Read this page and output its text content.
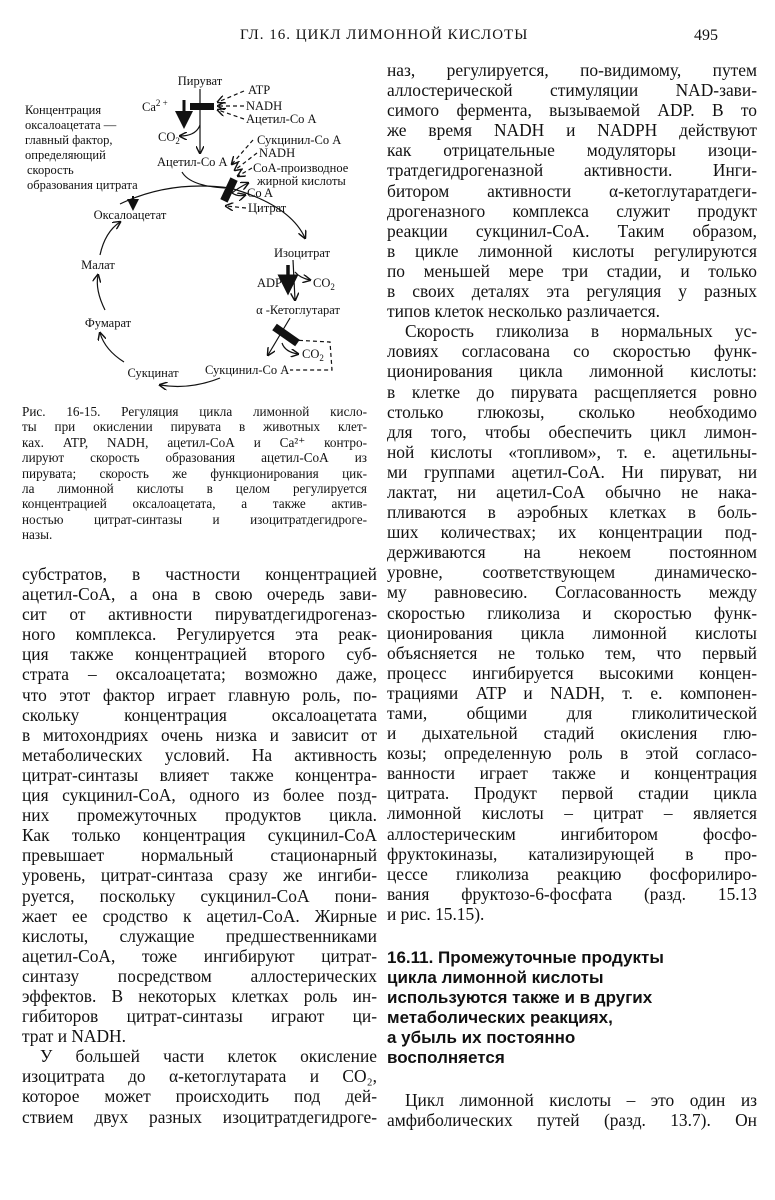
ГЛ. 16. ЦИКЛ ЛИМОННОЙ КИСЛОТЫ	495
Пируват
ATP
NADH
Ацетил-Со А
$Ca^{2 +}$
$CO_2$
Ацетил-Со А
Сукцинил-Со А
NADH
CoA-производное
жирной кислоты
Co A
Цитрат
Оксалоацетат
Концентрация
оксалоацетата —
главный фактор,
определяющий
скорость
образования цитрата
Изоцитрат
Малат
ADP $CO_2$
α -Кетоглутарат
Фумарат
$CO_2$
Сукцинил-Со А
Сукцинат
Рис. 16-15. Регуляция цикла лимонной кисло-
ты при окислении пирувата в животных клет-
ках. ATP, NADH, ацетил-СоА и Ca²⁺ контро-
лируют скорость образования ацетил-СоА из
пирувата; скорость же функционирования цик-
ла лимонной кислоты в целом регулируется
концентрацией оксалоацетата, а также актив-
ностью цитрат-синтазы и изоцитратдегидроге-
назы.
субстратов, в частности концентрацией
ацетил-СоА, а она в свою очередь зави-
сит от активности пируватдегидрогеназ-
ного комплекса. Регулируется эта реак-
ция также концентрацией второго суб-
страта – оксалоацетата; возможно даже,
что этот фактор играет главную роль, по-
скольку концентрация оксалоацетата
в митохондриях очень низка и зависит от
метаболических условий. На активность
цитрат-синтазы влияет также концентра-
ция сукцинил-СоА, одного из более позд-
них промежуточных продуктов цикла.
Как только концентрация сукцинил-СоА
превышает нормальный стационарный
уровень, цитрат-синтаза сразу же ингиби-
руется, поскольку сукцинил-СоА пони-
жает ее сродство к ацетил-СоА. Жирные
кислоты, служащие предшественниками
ацетил-СоА, тоже ингибируют цитрат-
синтазу посредством аллостерических
эффектов. В некоторых клетках роль ин-
гибиторов цитрат-синтазы играют ци-
трат и NADH.
У большей части клеток окисление
изоцитрата до α-кетоглутарата и CO₂,
которое может происходить под дей-
ствием двух разных изоцитратдегидроге-
наз, регулируется, по-видимому, путем
аллостерической стимуляции NAD-зави-
симого фермента, вызываемой ADP. В то
же время NADH и NADPH действуют
как отрицательные модуляторы изоци-
тратдегидрогеназной активности. Инги-
битором активности α-кетоглутаратдеги-
дрогеназного комплекса служит продукт
реакции сукцинил-СоА. Таким образом,
в цикле лимонной кислоты регулируются
по меньшей мере три стадии, и только
в своих деталях эта регуляция у разных
типов клеток несколько различается.
Скорость гликолиза в нормальных ус-
ловиях согласована со скоростью функ-
ционирования цикла лимонной кислоты:
в клетке до пирувата расщепляется ровно
столько глюкозы, сколько необходимо
для того, чтобы обеспечить цикл лимон-
ной кислоты «топливом», т. е. ацетильны-
ми группами ацетил-СоА. Ни пируват, ни
лактат, ни ацетил-СоА обычно не нака-
пливаются в аэробных клетках в боль-
ших количествах; их концентрации под-
держиваются на некоем постоянном
уровне, соответствующем динамическо-
му равновесию. Согласованность между
скоростью гликолиза и скоростью функ-
ционирования цикла лимонной кислоты
объясняется не только тем, что первый
процесс ингибируется высокими концен-
трациями ATP и NADH, т. е. компонен-
тами, общими для гликолитической
и дыхательной стадий окисления глю-
козы; определенную роль в этой согласо-
ванности играет также и концентрация
цитрата. Продукт первой стадии цикла
лимонной кислоты – цитрат – является
аллостерическим ингибитором фосфо-
фруктокиназы, катализирующей в про-
цессе гликолиза реакцию фосфорилиро-
вания фруктозо-6-фосфата (разд. 15.13
и рис. 15.15).
16.11. Промежуточные продукты
цикла лимонной кислоты
используются также и в других
метаболических реакциях,
а убыль их постоянно
восполняется
Цикл лимонной кислоты – это один из
амфиболических путей (разд. 13.7). Он
